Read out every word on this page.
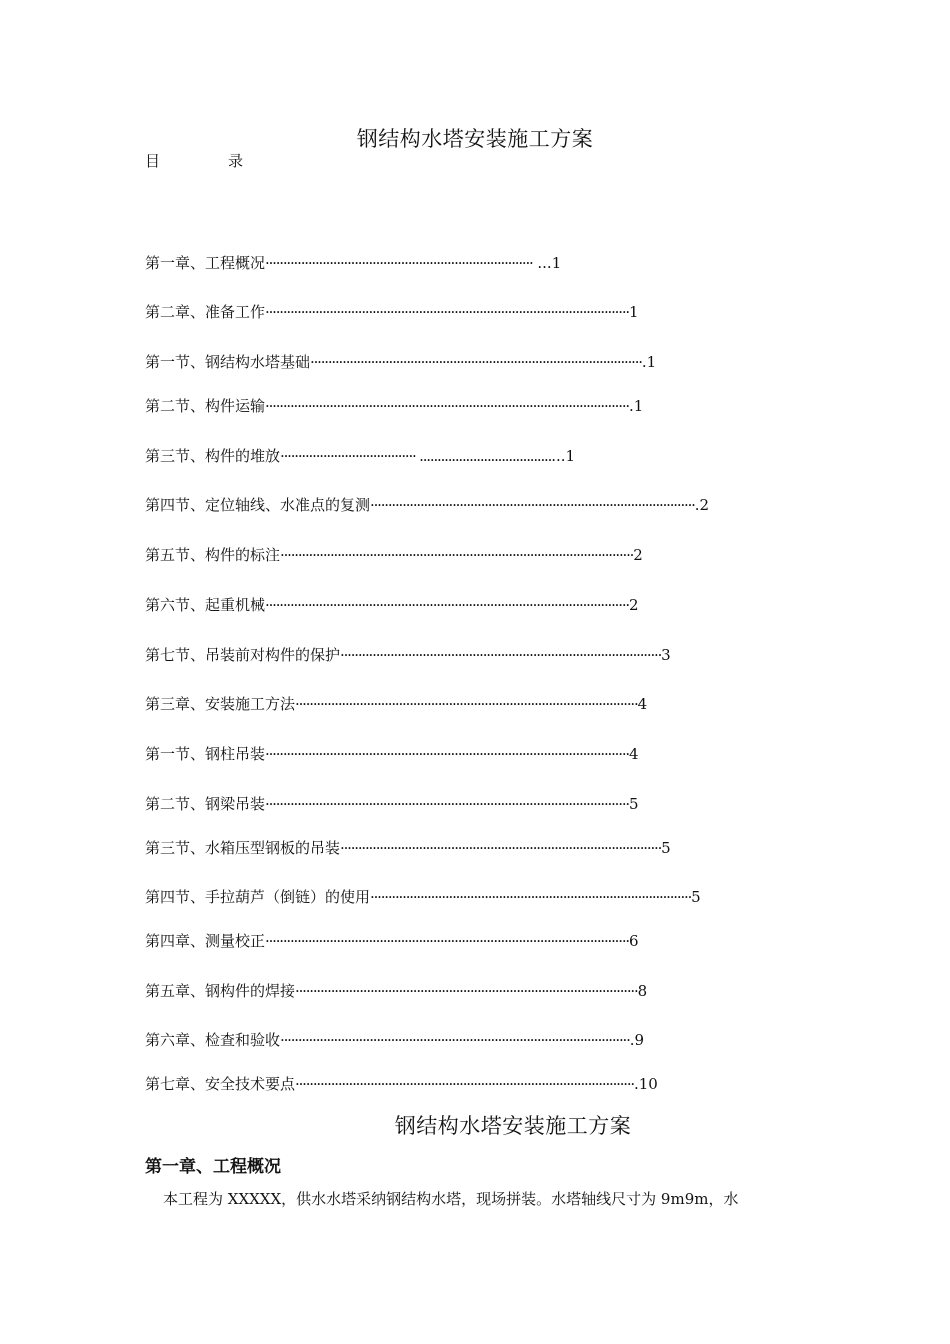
钢结构水塔安装施工方案
目	录
第一章、工程概况··········································································· ...1
第二章、准备工作······································································································1
第一节、钢结构水塔基础·····························································································.1
第二节、构件运输······································································································.1
第三节、构件的堆放······································ ........................................1
第四节、定位轴线、水准点的复测···························································································.2
第五节、构件的标注···································································································2
第六节、起重机械······································································································2
第七节、吊装前对构件的保护··························································································3
第三章、安装施工方法································································································4
第一节、钢柱吊装······································································································4
第二节、钢梁吊装······································································································5
第三节、水箱压型钢板的吊装··························································································5
第四节、手拉葫芦（倒链）的使用··························································································5
第四章、测量校正······································································································6
第五章、钢构件的焊接································································································8
第六章、检查和验收··································································································.9
第七章、安全技术要点·······························································································.10
钢结构水塔安装施工方案
第一章、工程概况
本工程为 XXXXX，供水水塔采纳钢结构水塔，现场拼装。水塔轴线尺寸为 9m9m，水
